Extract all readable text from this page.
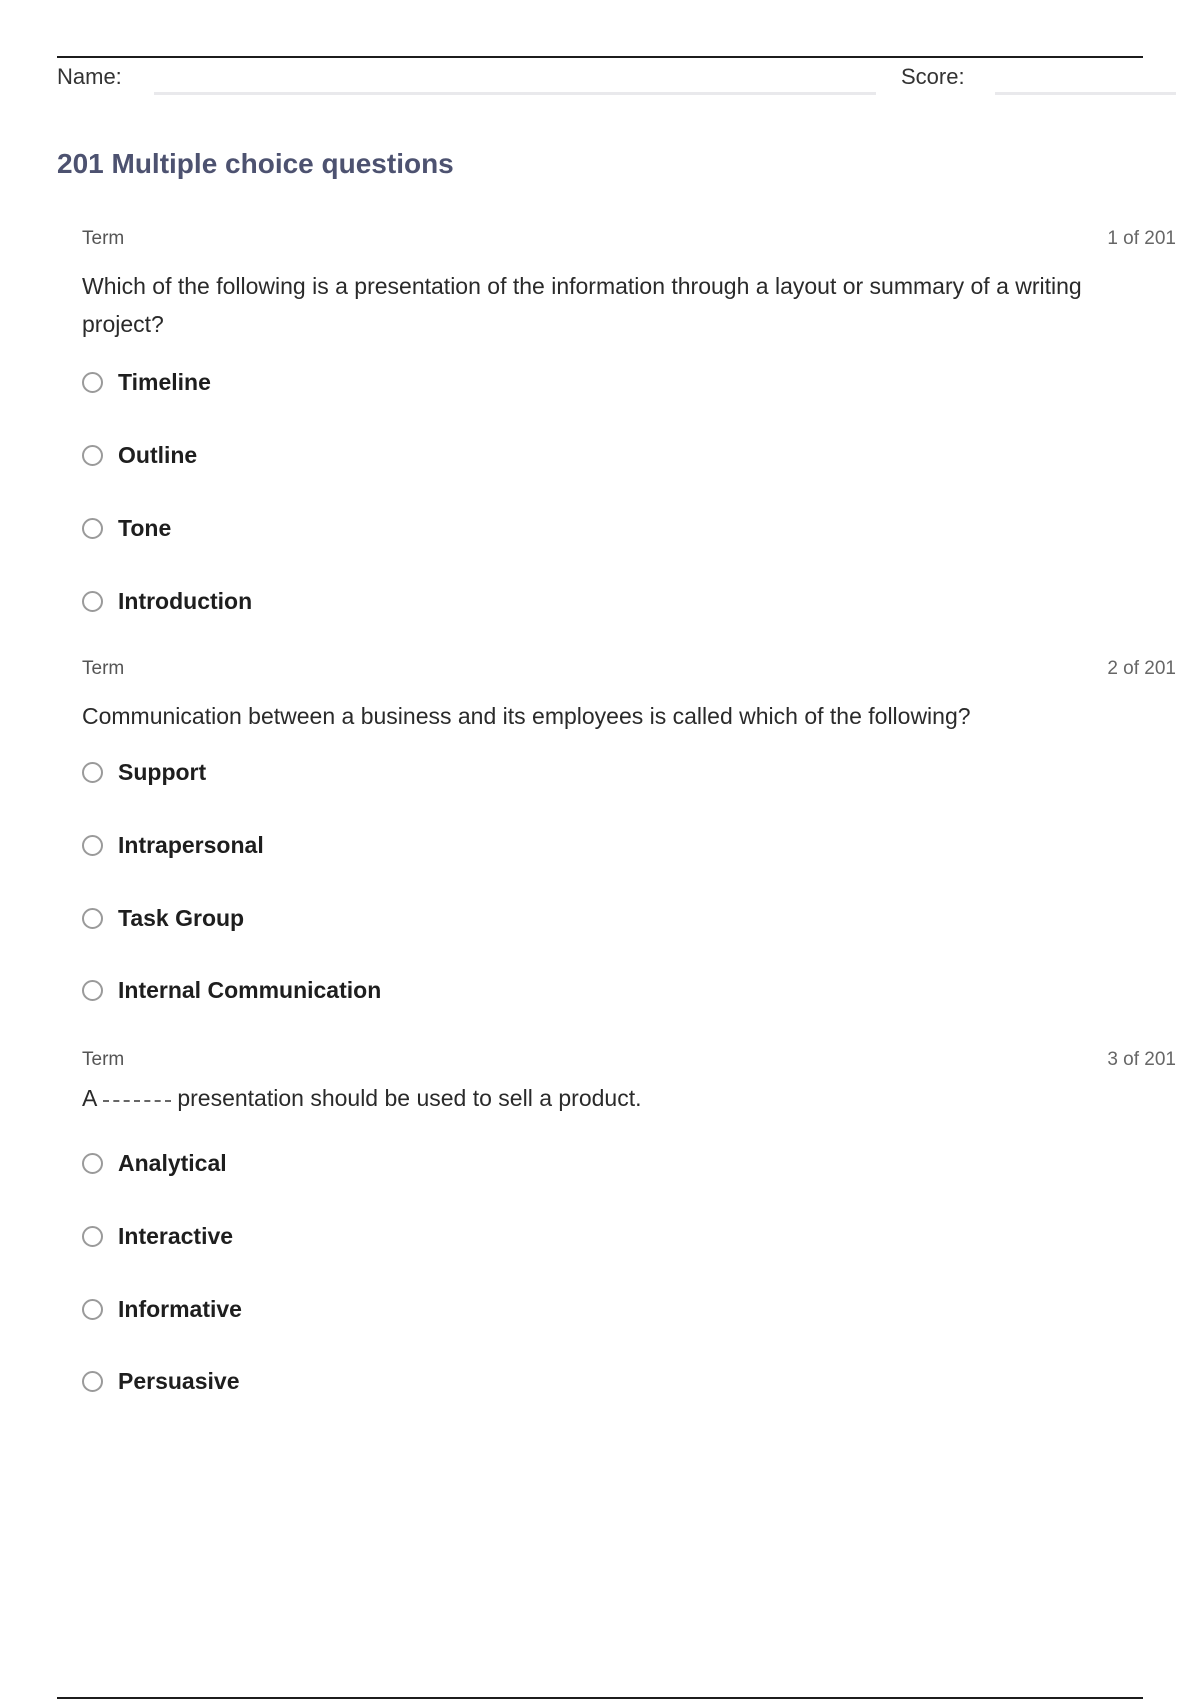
Name:	Score:
201 Multiple choice questions
Term	1 of 201
Which of the following is a presentation of the information through a layout or summary of a writing project?
Timeline
Outline
Tone
Introduction
Term	2 of 201
Communication between a business and its employees is called which of the following?
Support
Intrapersonal
Task Group
Internal Communication
Term	3 of 201
A	presentation should be used to sell a product.
Analytical
Interactive
Informative
Persuasive
